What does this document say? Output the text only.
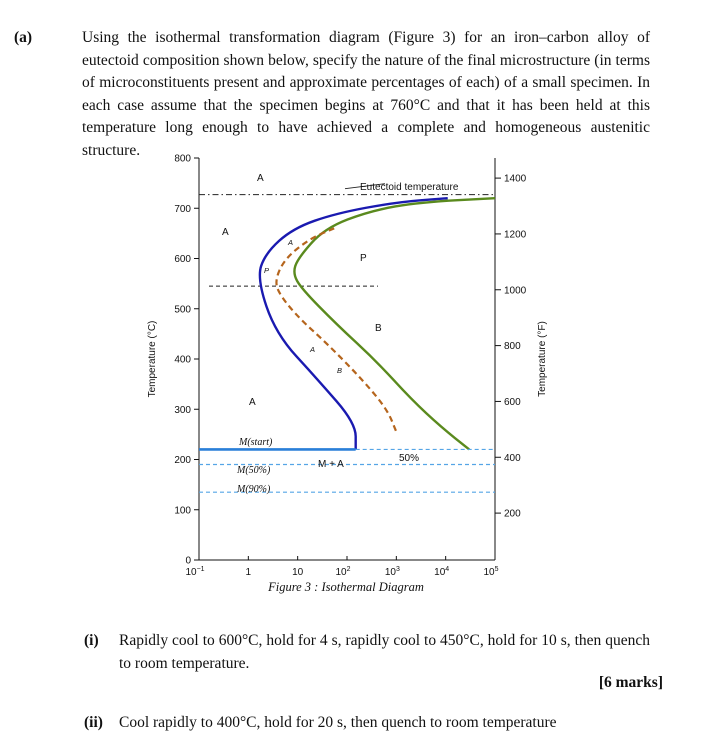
(a)	Using the isothermal transformation diagram (Figure 3) for an iron–carbon alloy of eutectoid composition shown below, specify the nature of the final microstructure (in terms of microconstituents present and approximate percentages of each) of a small specimen. In each case assume that the specimen begins at 760°C and that it has been held at this temperature long enough to have achieved a complete and homogeneous austenitic structure.
800
700
600
500
400
300
200
100
0
1400
1200
1000
800
600
400
200
$10^{-1}$	1	10	$10^2$	$10^3$	$10^4$	$10^5$
Temperature (°C)	Temperature (°F)
Figure 3 : Isothermal Diagram
Eutectoid temperature
M(start)
M(50%)
M(90%)
A
A
P
B
A
M + A
50%
A
P
A
B
(i) Rapidly cool to 600°C, hold for 4 s, rapidly cool to 450°C, hold for 10 s, then quench to room temperature.
[6 marks]
(ii) Cool rapidly to 400°C, hold for 20 s, then quench to room temperature
